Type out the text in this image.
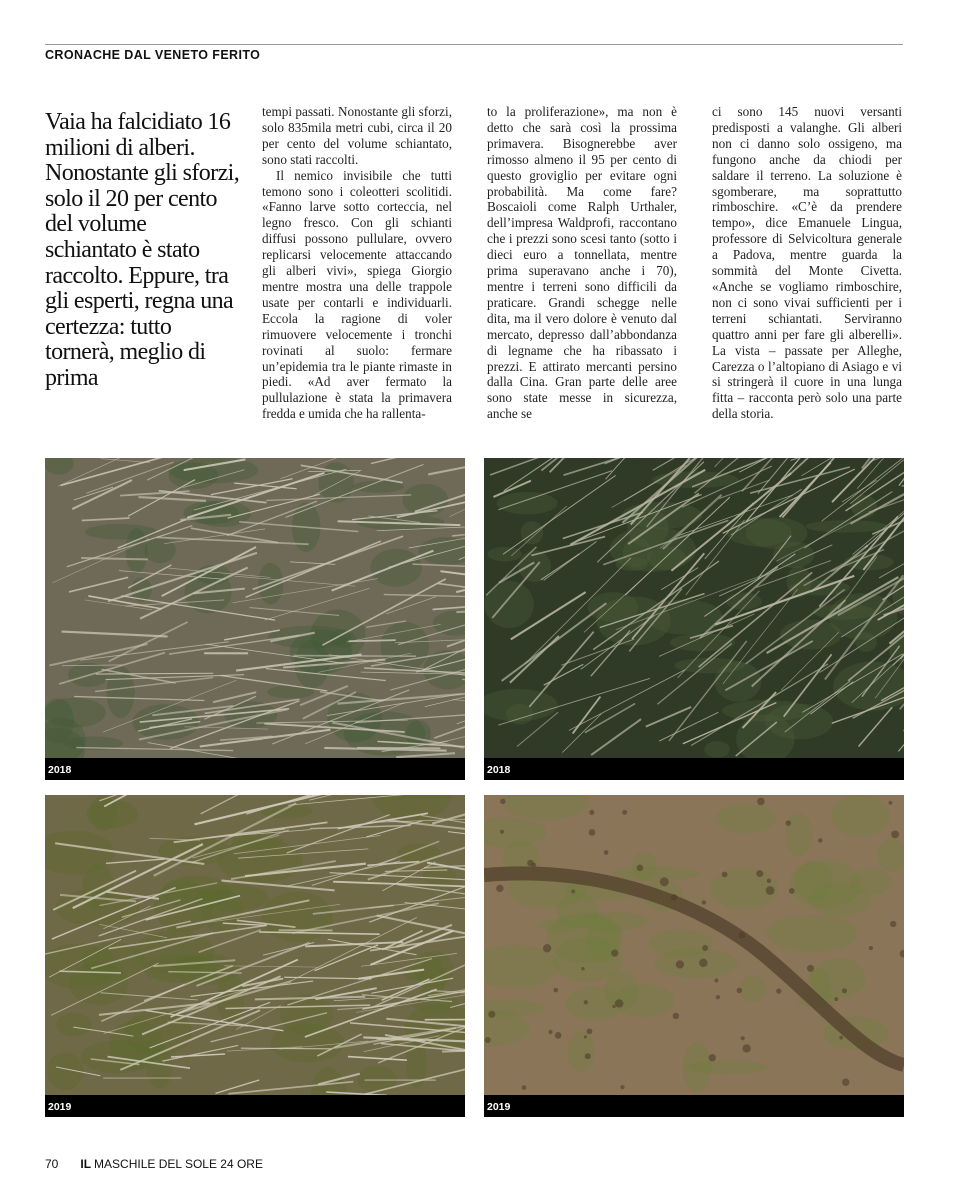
CRONACHE DAL VENETO FERITO
Vaia ha falcidiato 16 milioni di alberi. Nonostante gli sforzi, solo il 20 per cento del volume schiantato è stato raccolto. Eppure, tra gli esperti, regna una certezza: tutto tornerà, meglio di prima

tempi passati. Nonostante gli sforzi, solo 835mila metri cubi, circa il 20 per cento del volume schiantato, sono stati raccolti.

Il nemico invisibile che tutti temono sono i coleotteri scolitidi. «Fanno larve sotto corteccia, nel legno fresco. Con gli schianti diffusi possono pullulare, ovvero replicarsi velocemente attaccando gli alberi vivi», spiega Giorgio mentre mostra una delle trappole usate per contarli e individuarli. Eccola la ragione di voler rimuovere velocemente i tronchi rovinati al suolo: fermare un’epidemia tra le piante rimaste in piedi. «Ad aver fermato la pullulazione è stata la primavera fredda e umida che ha rallenta-

to la proliferazione», ma non è detto che sarà così la prossima primavera. Bisognerebbe aver rimosso almeno il 95 per cento di questo groviglio per evitare ogni probabilità. Ma come fare? Boscaioli come Ralph Urthaler, dell’impresa Waldprofi, raccontano che i prezzi sono scesi tanto (sotto i dieci euro a tonnellata, mentre prima superavano anche i 70), mentre i terreni sono difficili da praticare. Grandi schegge nelle dita, ma il vero dolore è venuto dal mercato, depresso dall’abbondanza di legname che ha ribassato i prezzi. E attirato mercanti persino dalla Cina. Gran parte delle aree sono state messe in sicurezza, anche se

ci sono 145 nuovi versanti predisposti a valanghe. Gli alberi non ci danno solo ossigeno, ma fungono anche da chiodi per saldare il terreno. La soluzione è sgomberare, ma soprattutto rimboschire. «C’è da prendere tempo», dice Emanuele Lingua, professore di Selvicoltura generale a Padova, mentre guarda la sommità del Monte Civetta. «Anche se vogliamo rimboschire, non ci sono vivai sufficienti per i terreni schiantati. Serviranno quattro anni per fare gli alberelli». La vista – passate per Alleghe, Carezza o l’altopiano di Asiago e vi si stringerà il cuore in una lunga fitta – racconta però solo una parte della storia.

2018	2018
2019	2019
70 IL MASCHILE DEL SOLE 24 ORE
